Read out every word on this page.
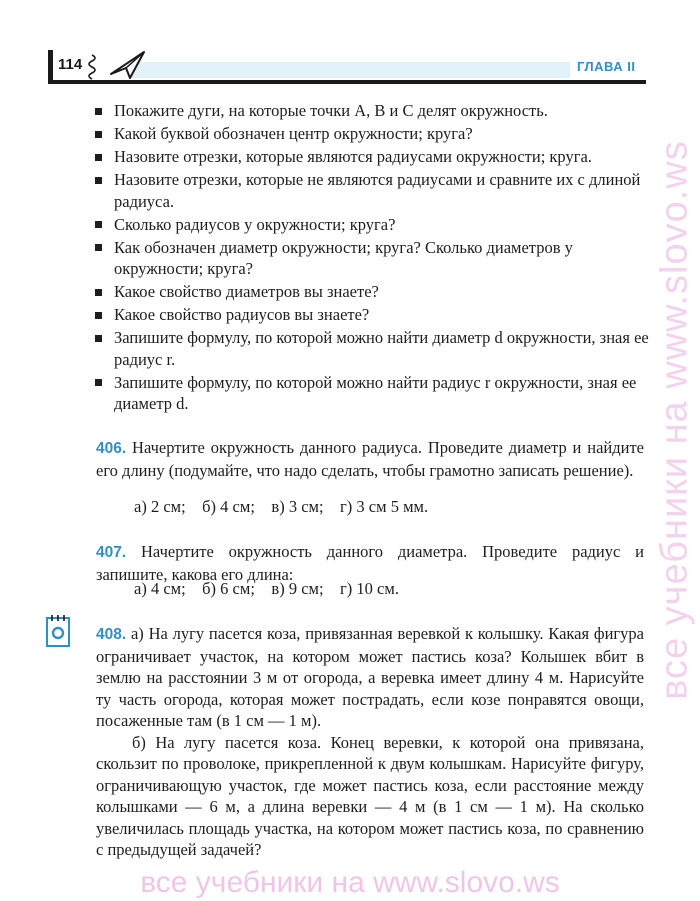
114	ГЛАВА II
Покажите дуги, на которые точки A, B и C делят окружность.
Какой буквой обозначен центр окружности; круга?
Назовите отрезки, которые являются радиусами окружности; круга.
Назовите отрезки, которые не являются радиусами и сравните их с длиной радиуса.
Сколько радиусов у окружности; круга?
Как обозначен диаметр окружности; круга? Сколько диаметров у окружности; круга?
Какое свойство диаметров вы знаете?
Какое свойство радиусов вы знаете?
Запишите формулу, по которой можно найти диаметр d окружности, зная ее радиус r.
Запишите формулу, по которой можно найти радиус r окружности, зная ее диаметр d.

406. Начертите окружность данного радиуса. Проведите диаметр и найдите его длину (подумайте, что надо сделать, чтобы грамотно записать решение).

а) 2 см;    б) 4 см;    в) 3 см;    г) 3 см 5 мм.

407. Начертите окружность данного диаметра. Проведите радиус и запишите, какова его длина:

а) 4 см;    б) 6 см;    в) 9 см;    г) 10 см.

408. а) На лугу пасется коза, привязанная веревкой к колышку. Какая фигура ограничивает участок, на котором может пастись коза? Колышек вбит в землю на расстоянии 3 м от огорода, а веревка имеет длину 4 м. Нарисуйте ту часть огорода, которая может пострадать, если козе понравятся овощи, посаженные там (в 1 см — 1 м).

б) На лугу пасется коза. Конец веревки, к которой она привязана, скользит по проволоке, прикрепленной к двум колышкам. Нарисуйте фигуру, ограничивающую участок, где может пастись коза, если расстояние между колышками — 6 м, а длина веревки — 4 м (в 1 см — 1 м). На сколько увеличилась площадь участка, на котором может пастись коза, по сравнению с предыдущей задачей?

все учебники на www.slovo.ws
все учебники на www.slovo.ws
